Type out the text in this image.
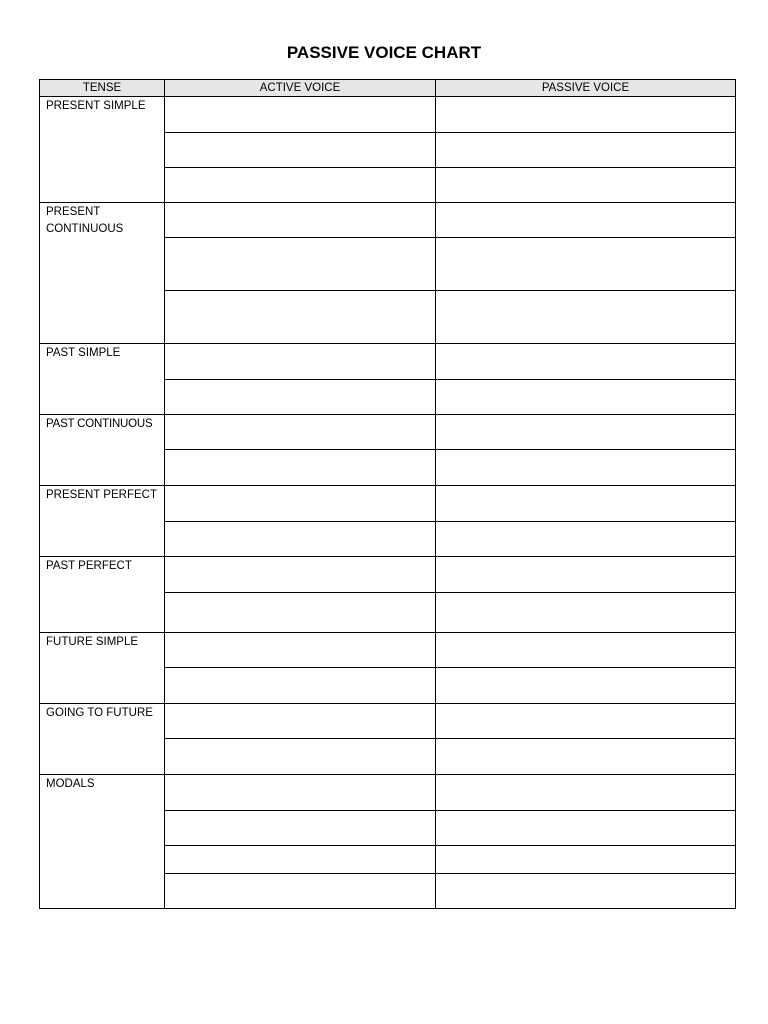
PASSIVE VOICE CHART
TENSE	ACTIVE VOICE	PASSIVE VOICE
PRESENT SIMPLE		

PRESENT CONTINUOUS		

PAST SIMPLE		

PAST CONTINUOUS		

PRESENT PERFECT		

PAST PERFECT		

FUTURE SIMPLE		

GOING TO FUTURE		

MODALS		
